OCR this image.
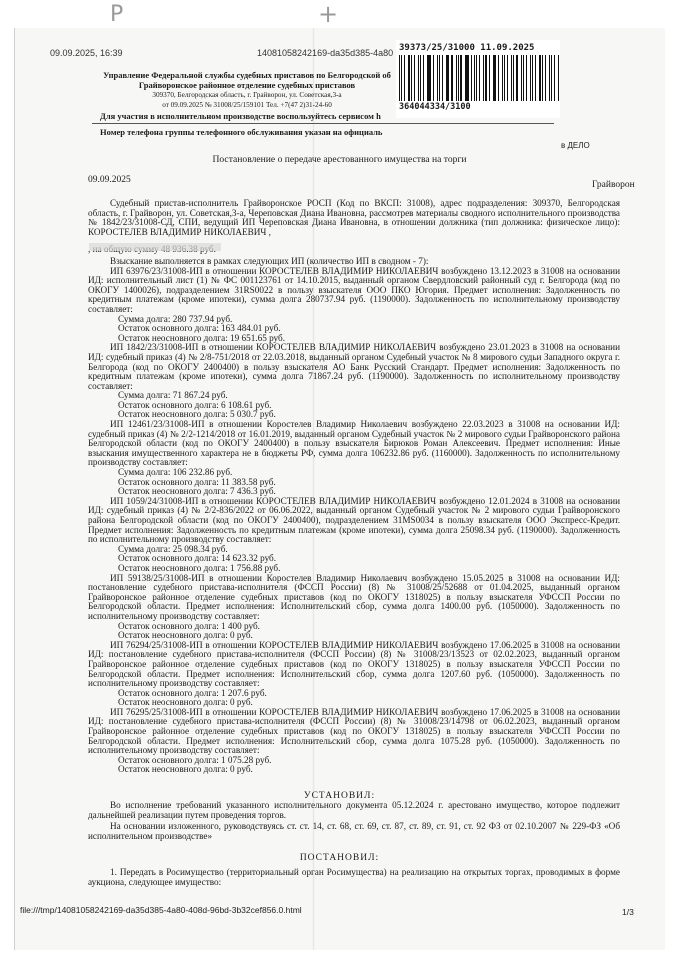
Р	+
09.09.2025, 16:39	14081058242169-da35d385-4a80 39373/25/31000 11.09.2025
364044334/3100
Управление Федеральной службы судебных приставов по Белгородской об
Грайворонское районное отделение судебных приставов
309370, Белгородская область, г. Грайворон, ул. Советская,3-а
от 09.09.2025 № 31008/25/159101 Тел. +7(47 2)31-24-60
Для участия в исполнительном производстве воспользуйтесь сервисом h
Номер телефона группы телефонного обслуживания указан на официаль
в ДЕЛО
Постановление о передаче арестованного имущества на торги
09.09.2025	Грайворон

Судебный пристав-исполнитель Грайворонское РОСП (Код по ВКСП: 31008), адрес подразделения: 309370, Белгородская область, г. Грайворон, ул. Советская,3-а, Череповская Диана Ивановна, рассмотрев материалы сводного исполнительного производства № 1842/23/31008-СД, СПИ, ведущий ИП Череповская Диана Ивановна, в отношении должника (тип должника: физическое лицо): КОРОСТЕЛЕВ ВЛАДИМИР НИКОЛАЕВИЧ ,

Взыскание выполняется в рамках следующих ИП (количество ИП в сводном - 7):

ИП 63976/23/31008-ИП в отношении КОРОСТЕЛЕВ ВЛАДИМИР НИКОЛАЕВИЧ возбуждено 13.12.2023 в 31008 на основании ИД: исполнительный лист (1) № ФС 001123761 от 14.10.2015, выданный органом Свердловский районный суд г. Белгорода (код по ОКОГУ 1400026), подразделением 31RS0022 в пользу взыскателя ООО ПКО Югория. Предмет исполнения: Задолженность по кредитным платежам (кроме ипотеки), сумма долга 280737.94 руб. (1190000). Задолженность по исполнительному производству составляет:

Сумма долга: 280 737.94 руб.

Остаток основного долга: 163 484.01 руб.

Остаток неосновного долга: 19 651.65 руб.

ИП 1842/23/31008-ИП в отношении КОРОСТЕЛЕВ ВЛАДИМИР НИКОЛАЕВИЧ возбуждено 23.01.2023 в 31008 на основании ИД: судебный приказ (4) № 2/8-751/2018 от 22.03.2018, выданный органом Судебный участок № 8 мирового судьи Западного округа г. Белгорода (код по ОКОГУ 2400400) в пользу взыскателя АО Банк Русский Стандарт. Предмет исполнения: Задолженность по кредитным платежам (кроме ипотеки), сумма долга 71867.24 руб. (1190000). Задолженность по исполнительному производству составляет:

Сумма долга: 71 867.24 руб.

Остаток основного долга: 6 108.61 руб.

Остаток неосновного долга: 5 030.7 руб.

ИП 12461/23/31008-ИП в отношении Коростелев Владимир Николаевич возбуждено 22.03.2023 в 31008 на основании ИД: судебный приказ (4) № 2/2-1214/2018 от 16.01.2019, выданный органом Судебный участок № 2 мирового судьи Грайворонского района Белгородской области (код по ОКОГУ 2400400) в пользу взыскателя Бирюков Роман Алексеевич. Предмет исполнения: Иные взыскания имущественного характера не в бюджеты РФ, сумма долга 106232.86 руб. (1160000). Задолженность по исполнительному производству составляет:

Сумма долга: 106 232.86 руб.

Остаток основного долга: 11 383.58 руб.

Остаток неосновного долга: 7 436.3 руб.

ИП 1059/24/31008-ИП в отношении КОРОСТЕЛЕВ ВЛАДИМИР НИКОЛАЕВИЧ возбуждено 12.01.2024 в 31008 на основании ИД: судебный приказ (4) № 2/2-836/2022 от 06.06.2022, выданный органом Судебный участок № 2 мирового судьи Грайворонского района Белгородской области (код по ОКОГУ 2400400), подразделением 31MS0034 в пользу взыскателя ООО Экспресс-Кредит. Предмет исполнения: Задолженность по кредитным платежам (кроме ипотеки), сумма долга 25098.34 руб. (1190000). Задолженность по исполнительному производству составляет:

Сумма долга: 25 098.34 руб.

Остаток основного долга: 14 623.32 руб.

Остаток неосновного долга: 1 756.88 руб.

ИП 59138/25/31008-ИП в отношении Коростелев Владимир Николаевич возбуждено 15.05.2025 в 31008 на основании ИД: постановление судебного пристава-исполнителя (ФССП России) (8) № 31008/25/52688 от 01.04.2025, выданный органом Грайворонское районное отделение судебных приставов (код по ОКОГУ 1318025) в пользу взыскателя УФССП России по Белгородской области. Предмет исполнения: Исполнительский сбор, сумма долга 1400.00 руб. (1050000). Задолженность по исполнительному производству составляет:

Остаток основного долга: 1 400 руб.

Остаток неосновного долга: 0 руб.

ИП 76294/25/31008-ИП в отношении КОРОСТЕЛЕВ ВЛАДИМИР НИКОЛАЕВИЧ возбуждено 17.06.2025 в 31008 на основании ИД: постановление судебного пристава-исполнителя (ФССП России) (8) № 31008/23/13523 от 02.02.2023, выданный органом Грайворонское районное отделение судебных приставов (код по ОКОГУ 1318025) в пользу взыскателя УФССП России по Белгородской области. Предмет исполнения: Исполнительский сбор, сумма долга 1207.60 руб. (1050000). Задолженность по исполнительному производству составляет:

Остаток основного долга: 1 207.6 руб.

Остаток неосновного долга: 0 руб.

ИП 76295/25/31008-ИП в отношении КОРОСТЕЛЕВ ВЛАДИМИР НИКОЛАЕВИЧ возбуждено 17.06.2025 в 31008 на основании ИД: постановление судебного пристава-исполнителя (ФССП России) (8) № 31008/23/14798 от 06.02.2023, выданный органом Грайворонское районное отделение судебных приставов (код по ОКОГУ 1318025) в пользу взыскателя УФССП России по Белгородской области. Предмет исполнения: Исполнительский сбор, сумма долга 1075.28 руб. (1050000). Задолженность по исполнительному производству составляет:

Остаток основного долга: 1 075.28 руб.

Остаток неосновного долга: 0 руб.

УСТАНОВИЛ:

Во исполнение требований указанного исполнительного документа 05.12.2024 г. арестовано имущество, которое подлежит дальнейшей реализации путем проведения торгов.

На основании изложенного, руководствуясь ст. ст. 14, ст. 68, ст. 69, ст. 87, ст. 89, ст. 91, ст. 92 ФЗ от 02.10.2007 № 229-ФЗ «Об исполнительном производстве»

ПОСТАНОВИЛ:

1. Передать в Росимущество (территориальный орган Росимущества) на реализацию на открытых торгах, проводимых в форме аукциона, следующее имущество:

file:///tmp/14081058242169-da35d385-4a80-408d-96bd-3b32cef856.0.html	1/3
